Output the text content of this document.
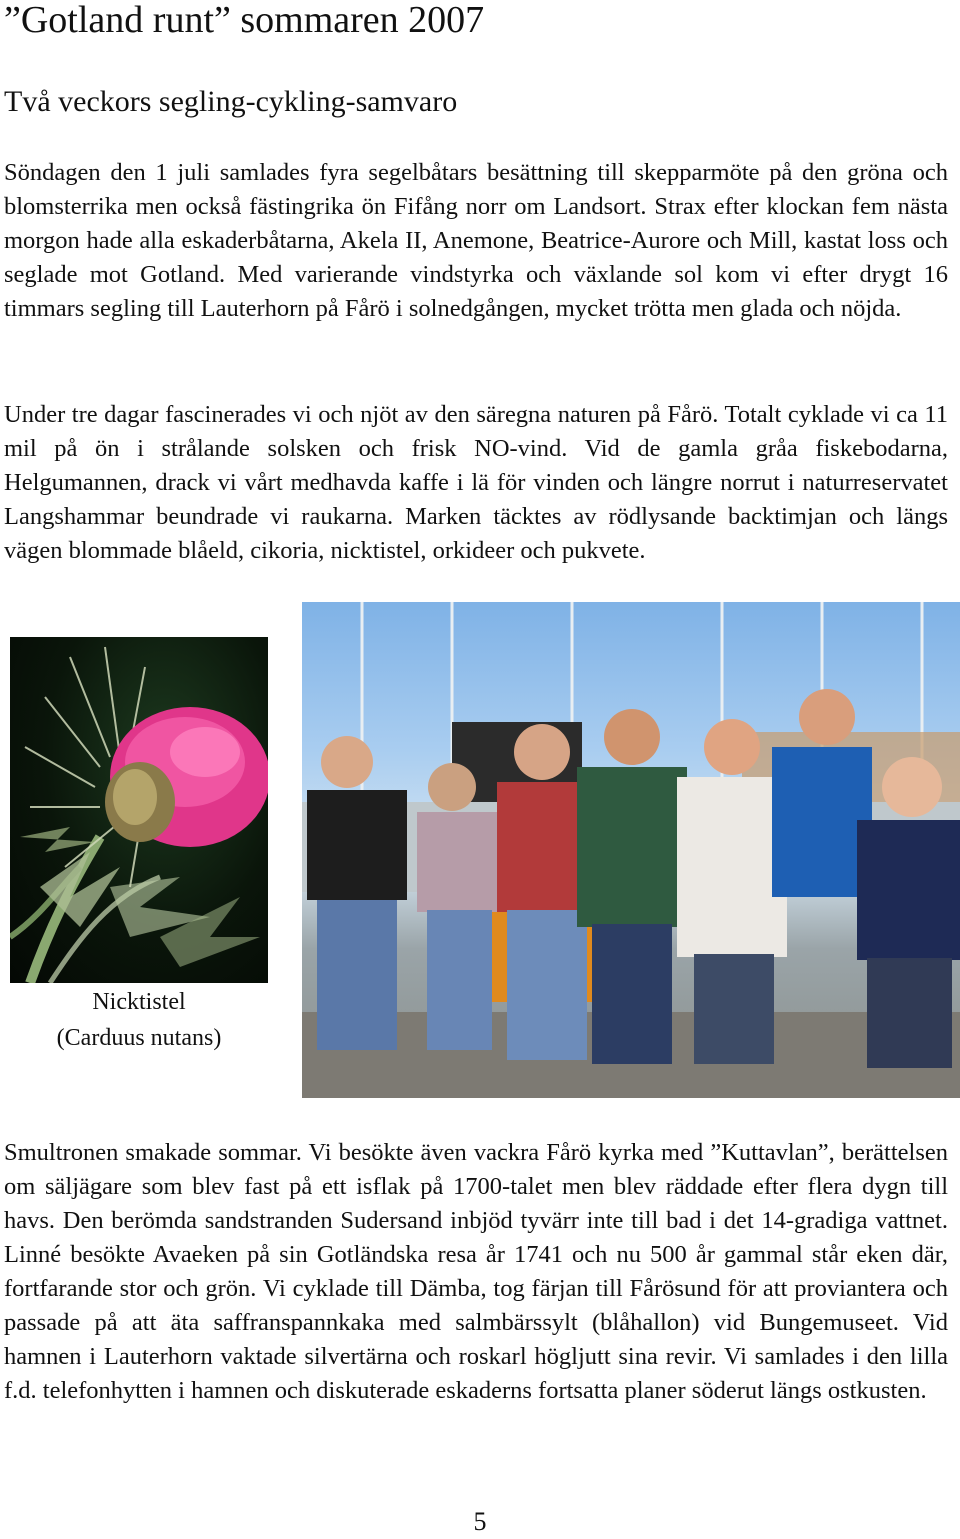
”Gotland runt” sommaren 2007
Två veckors segling-cykling-samvaro

Söndagen den 1 juli samlades fyra segelbåtars besättning till skepparmöte på den gröna och blomsterrika men också fästingrika ön Fifång norr om Landsort. Strax efter klockan fem nästa morgon hade alla eskaderbåtarna, Akela II, Anemone, Beatrice-Aurore och Mill, kastat loss och seglade mot Gotland. Med varierande vindstyrka och växlande sol kom vi efter drygt 16 timmars segling till Lauterhorn på Fårö i solnedgången, mycket trötta men glada och nöjda.

Under tre dagar fascinerades vi och njöt av den säregna naturen på Fårö. Totalt cyklade vi ca 11 mil på ön i strålande solsken och frisk NO-vind. Vid de gamla gråa fiskebodarna, Helgumannen, drack vi vårt medhavda kaffe i lä för vinden och längre norrut i naturreservatet Langshammar beundrade vi raukarna. Marken täcktes av rödlysande backtimjan och längs vägen blommade blåeld, cikoria, nicktistel, orkideer och pukvete.

Nicktistel
(Carduus nutans)

Smultronen smakade sommar. Vi besökte även vackra Fårö kyrka med ”Kuttavlan”, berättelsen om säljägare som blev fast på ett isflak på 1700-talet men blev räddade efter flera dygn till havs. Den berömda sandstranden Sudersand inbjöd tyvärr inte till bad i det 14-gradiga vattnet. Linné besökte Avaeken på sin Gotländska resa år 1741 och nu 500 år gammal står eken där, fortfarande stor och grön. Vi cyklade till Dämba, tog färjan till Fårösund för att proviantera och passade på att äta saffranspannkaka med salmbärssylt (blåhallon) vid Bungemuseet. Vid hamnen i Lauterhorn vaktade silvertärna och roskarl högljutt sina revir. Vi samlades i den lilla f.d. telefonhytten i hamnen och diskuterade eskaderns fortsatta planer söderut längs ostkusten.

5
